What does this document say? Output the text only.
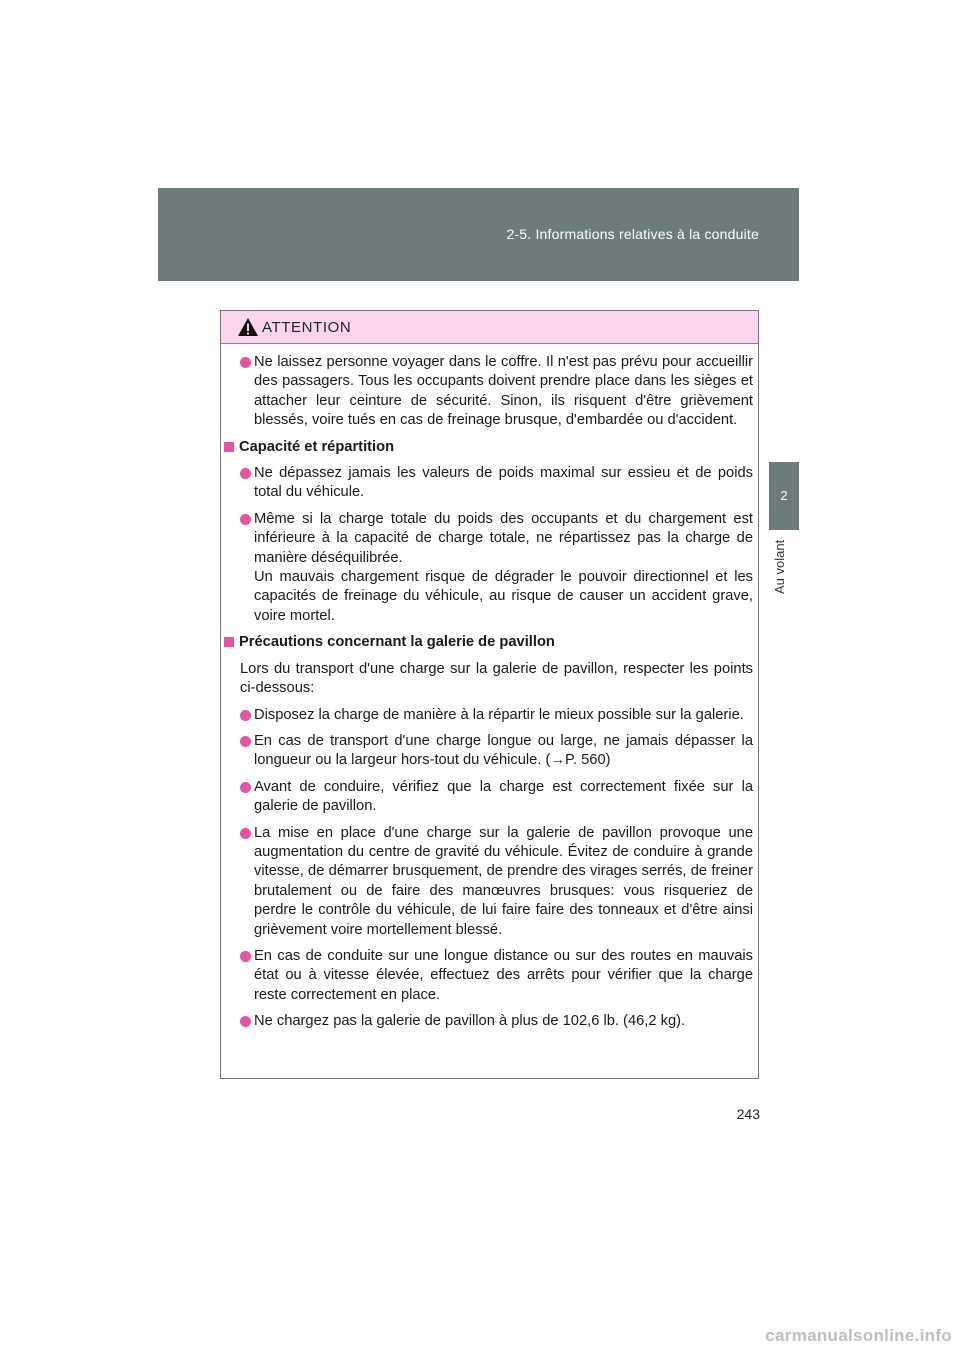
2-5. Informations relatives à la conduite
2
Au volant
ATTENTION
Ne laissez personne voyager dans le coffre. Il n'est pas prévu pour accueillir des passagers. Tous les occupants doivent prendre place dans les sièges et attacher leur ceinture de sécurité. Sinon, ils risquent d'être grièvement blessés, voire tués en cas de freinage brusque, d'embardée ou d'accident.
Capacité et répartition
Ne dépassez jamais les valeurs de poids maximal sur essieu et de poids total du véhicule.
Même si la charge totale du poids des occupants et du chargement est inférieure à la capacité de charge totale, ne répartissez pas la charge de manière déséquilibrée.
Un mauvais chargement risque de dégrader le pouvoir directionnel et les capacités de freinage du véhicule, au risque de causer un accident grave, voire mortel.
Précautions concernant la galerie de pavillon
Lors du transport d'une charge sur la galerie de pavillon, respecter les points ci-dessous:
Disposez la charge de manière à la répartir le mieux possible sur la galerie.
En cas de transport d'une charge longue ou large, ne jamais dépasser la longueur ou la largeur hors-tout du véhicule. (→P. 560)
Avant de conduire, vérifiez que la charge est correctement fixée sur la galerie de pavillon.
La mise en place d'une charge sur la galerie de pavillon provoque une augmentation du centre de gravité du véhicule. Évitez de conduire à grande vitesse, de démarrer brusquement, de prendre des virages serrés, de freiner brutalement ou de faire des manœuvres brusques: vous risqueriez de perdre le contrôle du véhicule, de lui faire faire des tonneaux et d'être ainsi grièvement voire mortellement blessé.
En cas de conduite sur une longue distance ou sur des routes en mauvais état ou à vitesse élevée, effectuez des arrêts pour vérifier que la charge reste correctement en place.
Ne chargez pas la galerie de pavillon à plus de 102,6 lb. (46,2 kg).
243
carmanualsonline.info
